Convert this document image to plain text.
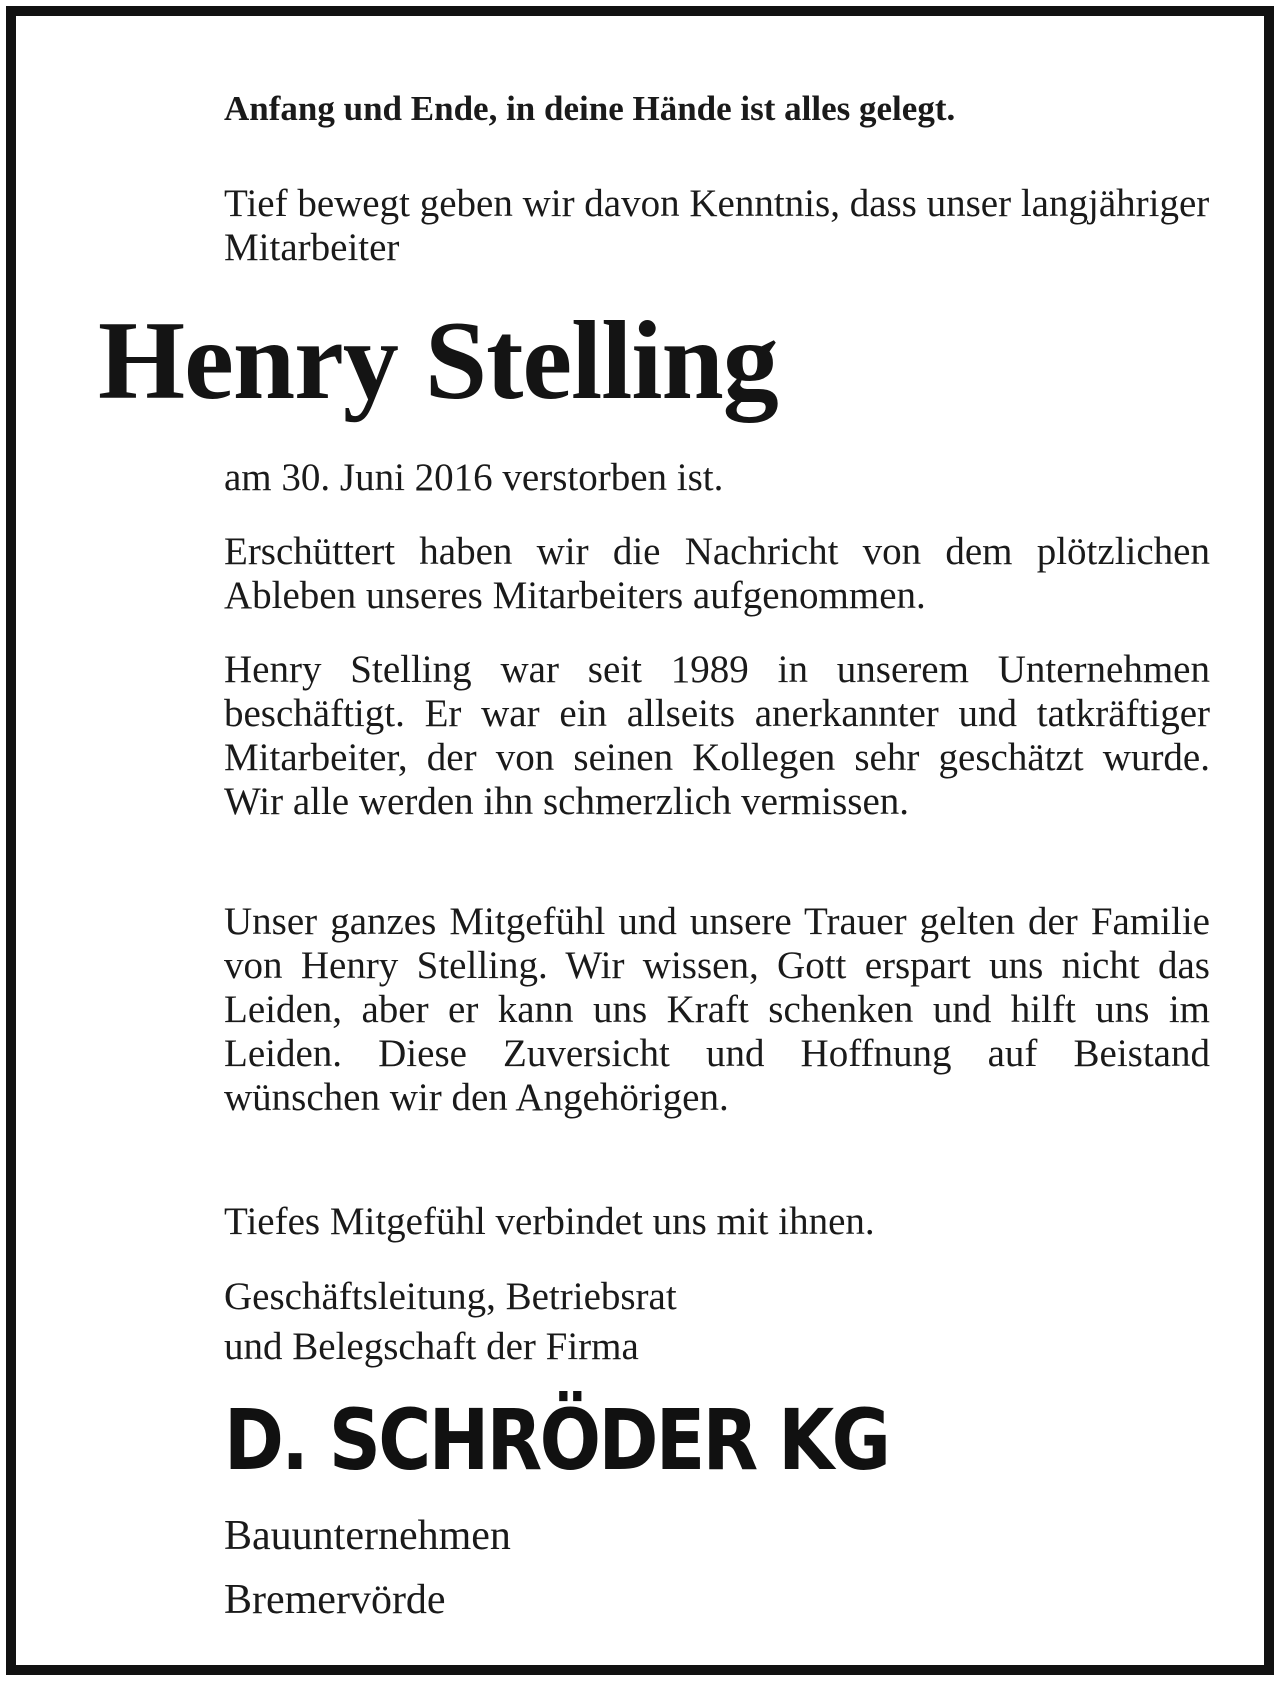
Anfang und Ende, in deine Hände ist alles gelegt.

Tief bewegt geben wir davon Kenntnis, dass unser langjähriger Mitarbeiter

Henry Stelling

am 30. Juni 2016 verstorben ist.

Erschüttert haben wir die Nachricht von dem plötzlichen Ableben unseres Mitarbeiters aufgenommen.

Henry Stelling war seit 1989 in unserem Unternehmen beschäftigt. Er war ein allseits anerkannter und tatkräftiger Mitarbeiter, der von seinen Kollegen sehr geschätzt wurde. Wir alle werden ihn schmerzlich vermissen.

Unser ganzes Mitgefühl und unsere Trauer gelten der Familie von Henry Stelling. Wir wissen, Gott erspart uns nicht das Leiden, aber er kann uns Kraft schenken und hilft uns im Leiden. Diese Zuversicht und Hoffnung auf Beistand wünschen wir den Angehörigen.

Tiefes Mitgefühl verbindet uns mit ihnen.

Geschäftsleitung, Betriebsrat
und Belegschaft der Firma

D. SCHRÖDER KG

Bauunternehmen

Bremervörde
